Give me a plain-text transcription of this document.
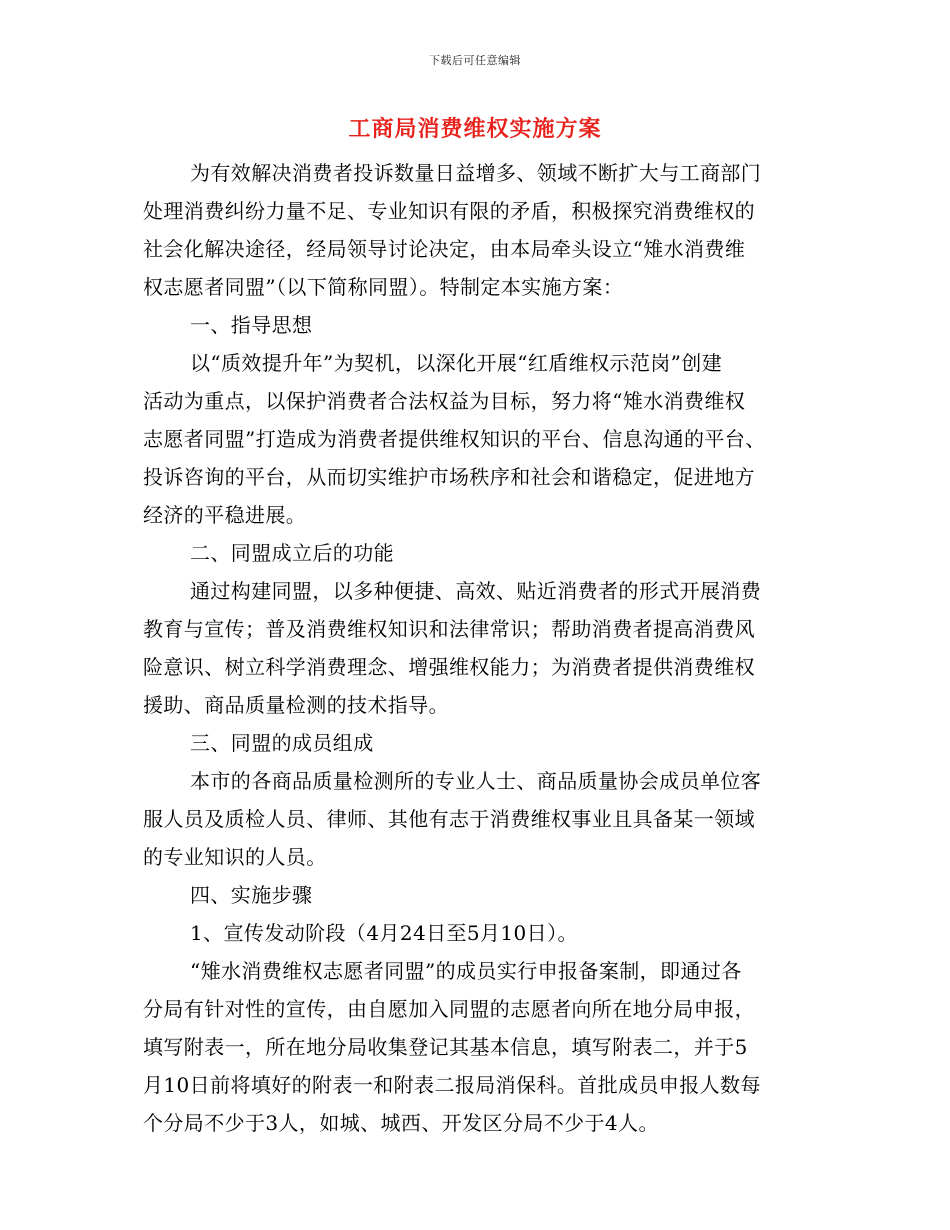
下载后可任意编辑
工商局消费维权实施方案
为有效解决消费者投诉数量日益增多、领域不断扩大与工商部门
处理消费纠纷力量不足、专业知识有限的矛盾，积极探究消费维权的
社会化解决途径，经局领导讨论决定，由本局牵头设立“雉水消费维
权志愿者同盟”（以下简称同盟）。特制定本实施方案：
一、指导思想
以“质效提升年”为契机，以深化开展“红盾维权示范岗”创建
活动为重点，以保护消费者合法权益为目标，努力将“雉水消费维权
志愿者同盟”打造成为消费者提供维权知识的平台、信息沟通的平台、
投诉咨询的平台，从而切实维护市场秩序和社会和谐稳定，促进地方
经济的平稳进展。
二、同盟成立后的功能
通过构建同盟，以多种便捷、高效、贴近消费者的形式开展消费
教育与宣传；普及消费维权知识和法律常识；帮助消费者提高消费风
险意识、树立科学消费理念、增强维权能力；为消费者提供消费维权
援助、商品质量检测的技术指导。
三、同盟的成员组成
本市的各商品质量检测所的专业人士、商品质量协会成员单位客
服人员及质检人员、律师、其他有志于消费维权事业且具备某一领域
的专业知识的人员。
四、实施步骤
1、宣传发动阶段（4月24日至5月10日）。
“雉水消费维权志愿者同盟”的成员实行申报备案制，即通过各
分局有针对性的宣传，由自愿加入同盟的志愿者向所在地分局申报，
填写附表一，所在地分局收集登记其基本信息，填写附表二，并于5
月10日前将填好的附表一和附表二报局消保科。首批成员申报人数每
个分局不少于3人，如城、城西、开发区分局不少于4人。
